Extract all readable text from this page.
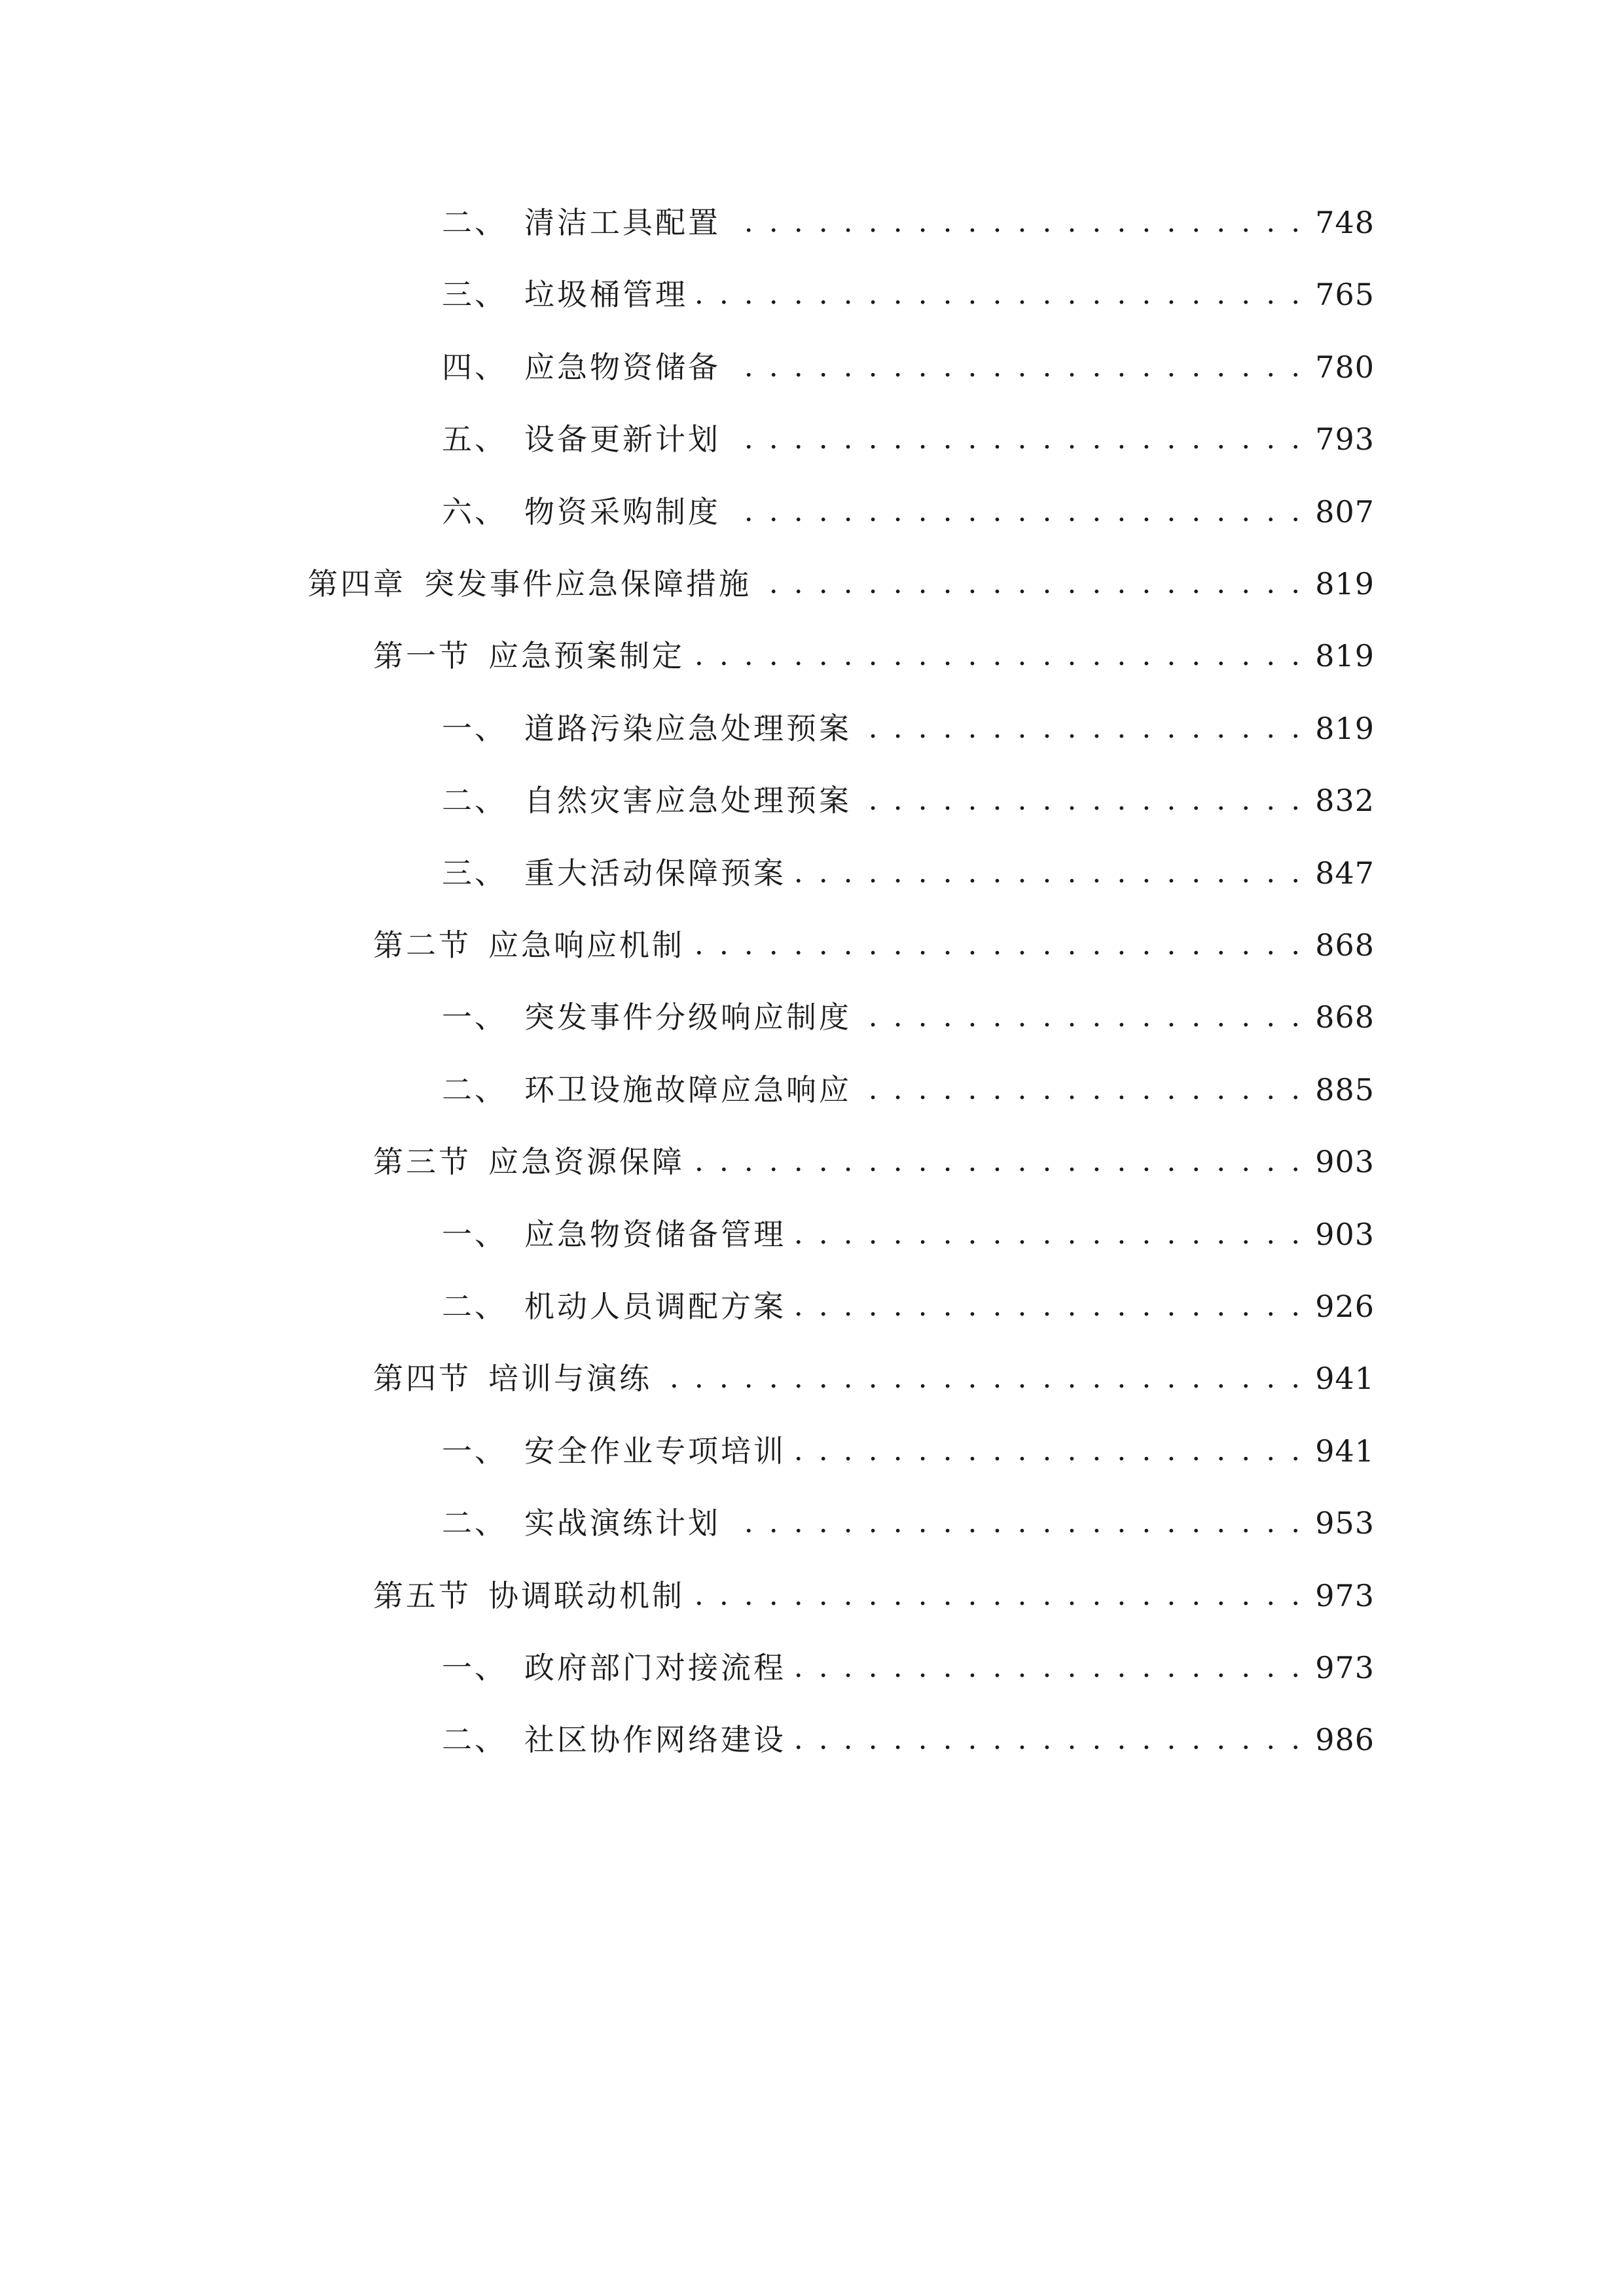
二、 清洁工具配置 . . .	748
三、 垃圾桶管理 . . .	765
四、 应急物资储备 . . .	780
五、 设备更新计划 . . .	793
六、 物资采购制度 . . .	807
第四章 突发事件应急保障措施 . . .	819
第一节 应急预案制定 . . .	819
一、 道路污染应急处理预案 . . .	819
二、 自然灾害应急处理预案 . . .	832
三、 重大活动保障预案 . . .	847
第二节 应急响应机制 . . .	868
一、 突发事件分级响应制度 . . .	868
二、 环卫设施故障应急响应 . . .	885
第三节 应急资源保障 . . .	903
一、 应急物资储备管理 . . .	903
二、 机动人员调配方案 . . .	926
第四节 培训与演练 . . .	941
一、 安全作业专项培训 . . .	941
二、 实战演练计划 . . .	953
第五节 协调联动机制 . . .	973
一、 政府部门对接流程 . . .	973
二、 社区协作网络建设 . . .	986
